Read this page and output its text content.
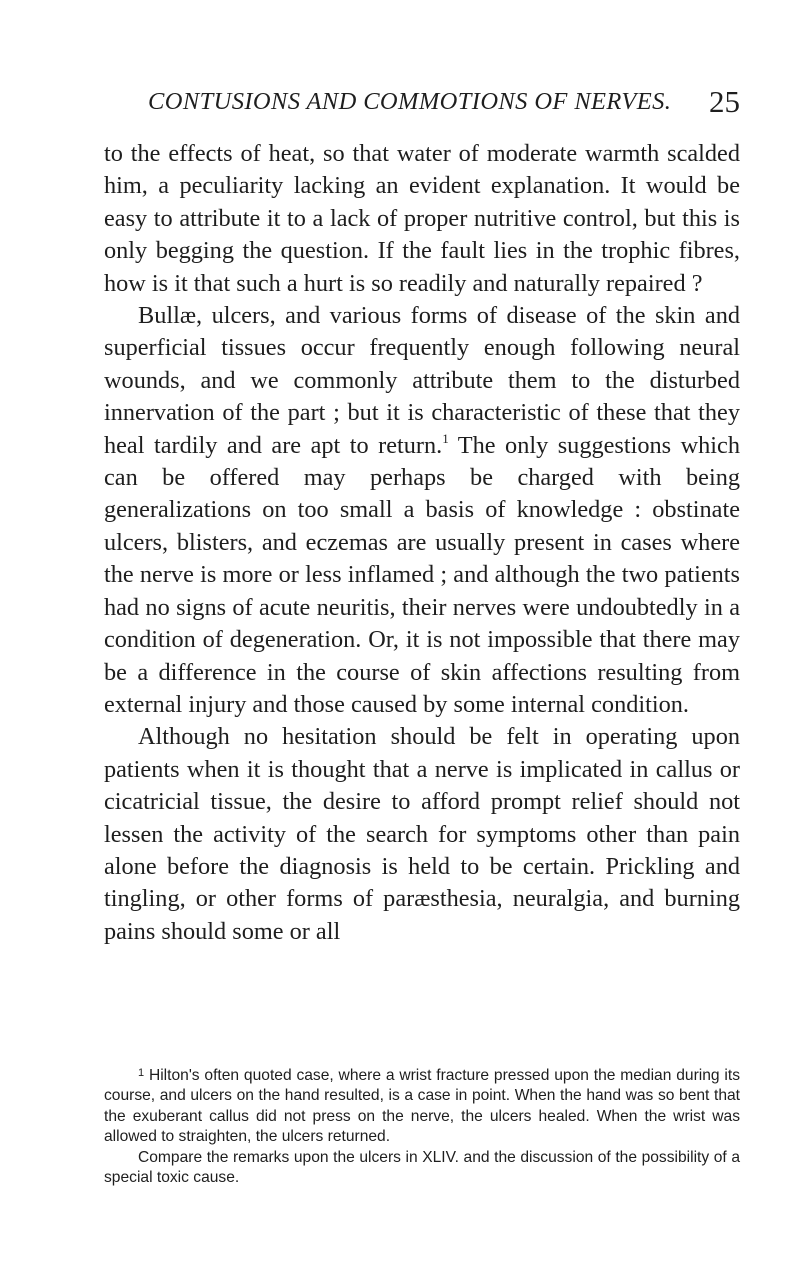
CONTUSIONS AND COMMOTIONS OF NERVES. 25

to the effects of heat, so that water of moderate warmth scalded him, a peculiarity lacking an evident explanation. It would be easy to attribute it to a lack of proper nutritive control, but this is only begging the question. If the fault lies in the trophic fibres, how is it that such a hurt is so readily and naturally repaired ?

Bullæ, ulcers, and various forms of disease of the skin and superficial tissues occur frequently enough following neural wounds, and we commonly attribute them to the disturbed innervation of the part ; but it is characteristic of these that they heal tardily and are apt to return.$^1$ The only suggestions which can be offered may perhaps be charged with being generalizations on too small a basis of knowledge : obstinate ulcers, blisters, and eczemas are usually present in cases where the nerve is more or less inflamed ; and although the two patients had no signs of acute neuritis, their nerves were undoubtedly in a condition of degeneration. Or, it is not impossible that there may be a difference in the course of skin affections resulting from external injury and those caused by some internal condition.

Although no hesitation should be felt in operating upon patients when it is thought that a nerve is implicated in callus or cicatricial tissue, the desire to afford prompt relief should not lessen the activity of the search for symptoms other than pain alone before the diagnosis is held to be certain. Prickling and tingling, or other forms of paræsthesia, neuralgia, and burning pains should some or all

$^1$ Hilton's often quoted case, where a wrist fracture pressed upon the median during its course, and ulcers on the hand resulted, is a case in point. When the hand was so bent that the exuberant callus did not press on the nerve, the ulcers healed. When the wrist was allowed to straighten, the ulcers returned.

Compare the remarks upon the ulcers in XLIV. and the discussion of the possibility of a special toxic cause.
